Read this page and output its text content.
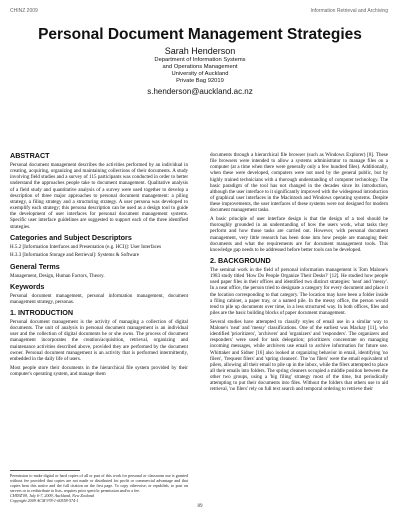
CHINZ 2009	Information Retrieval and Archiving
Personal Document Management Strategies
Sarah Henderson
Department of Information Systems
and Operations Management
University of Auckland
Private Bag 92019
s.henderson@auckland.ac.nz
ABSTRACT

Personal document management describes the activities performed by an individual in creating, acquiring, organizing and maintaining collections of their documents. A study involving field studies and a survey of 115 participants was conducted in order to better understand the approaches people take to document management. Qualitative analysis of a field study and quantitative analysis of a survey were used together to develop a description of three major approaches to personal document management: a piling strategy, a filing strategy and a structuring strategy. A user persona was developed to exemplify each strategy; this persona description can be used as a design tool to guide the development of user interfaces for personal document management systems. Specific user interface guidelines are suggested to support each of the three identified strategies.

Categories and Subject Descriptors

H.5.2 [Information Interfaces and Presentation (e.g. HCI)]: User Interfaces

H.3.3 [Information Storage and Retrieval]: Systems & Software

General Terms

Management, Design, Human Factors, Theory.

Keywords

Personal document management, personal information management, document management strategy, personas.

1. INTRODUCTION

Personal document management is the activity of managing a collection of digital documents. The unit of analysis in personal document management is an individual user and the collection of digital documents he or she owns. The process of document management incorporates the creation/acquisition, retrieval, organizing and maintenance activities described above, provided they are performed by the document owner. Personal document management is an activity that is performed intermittently, embedded in the daily life of users.

Most people store their documents in the hierarchical file system provided by their computer's operating system, and manage them

Permission to make digital or hard copies of all or part of this work for personal or classroom use is granted without fee provided that copies are not made or distributed for profit or commercial advantage and that copies bear this notice and the full citation on the first page. To copy otherwise, or republish, to post on servers or to redistribute to lists, requires prior specific permission and/or a fee.
CHINZ'09, July 6-7, 2009, Auckland, New Zealand
Copyright 2009 ACM 978-1-60558-574-1

documents through a hierarchical file browser (such as Windows Explorer) [8]. These file browsers were intended to allow a systems administrator to manage files on a computer (at a time when there were generally only a few hundred files). Additionally, when these were developed, computers were not used by the general public, but by highly trained technicians with a thorough understanding of computer technology. The basic paradigm of the tool has not changed in the decades since its introduction, although the user interface to it significantly improved with the widespread introduction of graphical user interfaces in the Macintosh and Windows operating systems. Despite these improvements, the user interfaces of these systems were not designed for modern document management tasks.

A basic principle of user interface design is that the design of a tool should be thoroughly grounded in an understanding of how the users work, what tasks they perform and how those tasks are carried out. However, with personal document management, very little research has been done into how people are managing their documents and what the requirements are for document management tools. This knowledge gap needs to be addressed before better tools can be developed.

2. BACKGROUND

The seminal work in the field of personal information management is Tom Malone's 1983 study titled 'How Do People Organize Their Desks?' [12]. He studied how people used paper files in their offices and identified two distinct strategies: 'neat' and 'messy'. In a neat office, the person tried to designate a category for every document and place it the location corresponding to that category. The location may have been a folder inside a filing cabinet, a paper tray, or a named pile. In the messy office, the person would tend to pile up documents over time, in a less structured way. In both offices, files and piles are the basic building blocks of paper document management.

Several studies have attempted to classify styles of email use in a similar way to Malone's 'neat' and 'messy' classifications. One of the earliest was Mackay [11], who identified 'prioritizers', 'archivers' and 'organizers' and 'responders'. The organizers and responders' were used for task delegation; prioritizers concentrate on managing incoming messages, while archivers use email to archive information for future use. Whittaker and Sidner [16] also looked at organizing behavior in email, identifying 'no filers', 'frequent filers' and 'spring cleaners'. The 'no filers' were the email equivalent of pilers, allowing all their email to pile up in the inbox, while the filers attempted to place all their emails into folders. The spring cleaners occupied a middle position between the other two groups, using a 'big filing' strategy most of the time, but periodically attempting to put their documents into files. Without the folders that others use to aid retrieval, 'no filers' rely on full text search and temporal ordering to retrieve their

89
